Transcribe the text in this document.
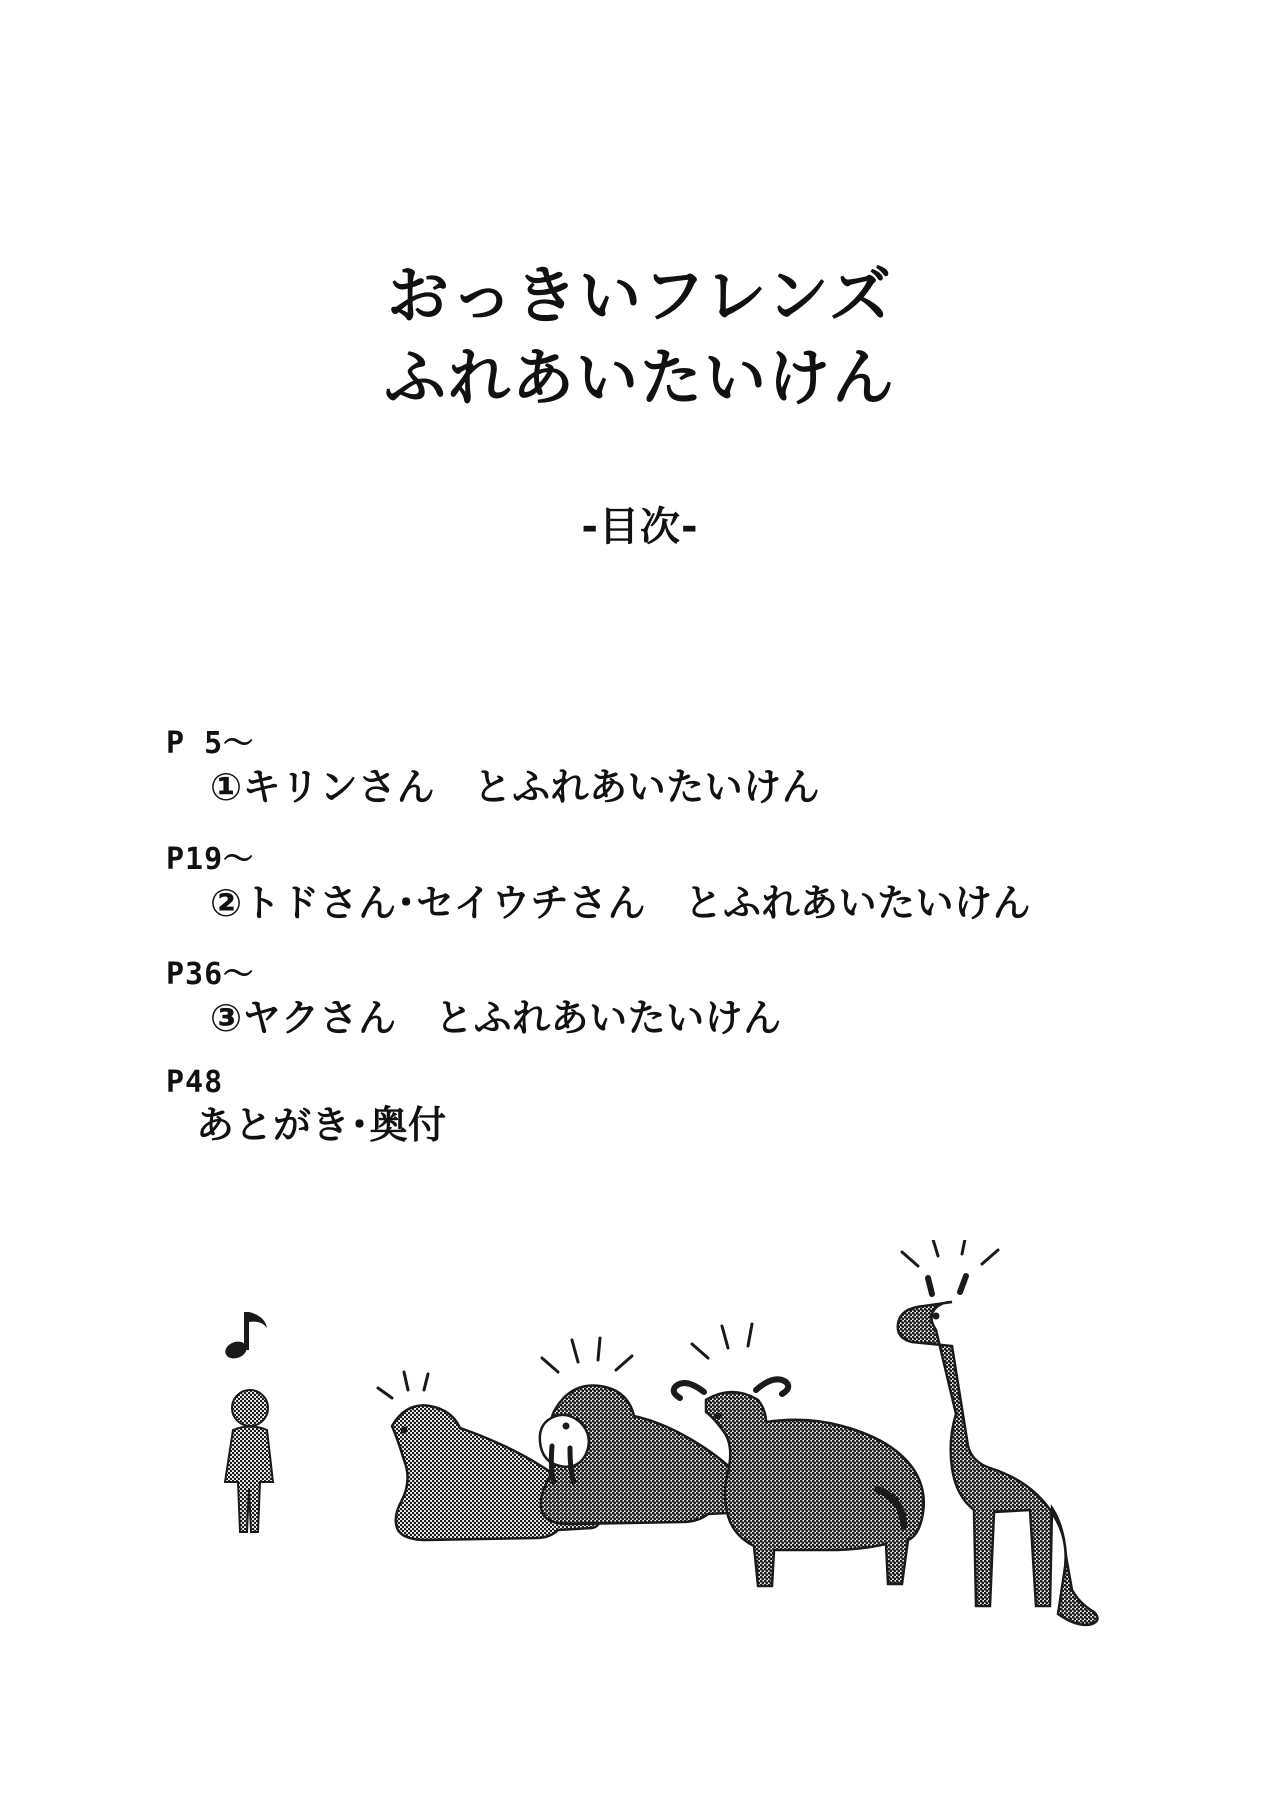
おっきいフレンズ
ふれあいたいけん
-目次-
P 5〜
①キリンさん　とふれあいたいけん
P19〜
②トドさん･セイウチさん　とふれあいたいけん
P36〜
③ヤクさん　とふれあいたいけん
P48
あとがき･奥付
